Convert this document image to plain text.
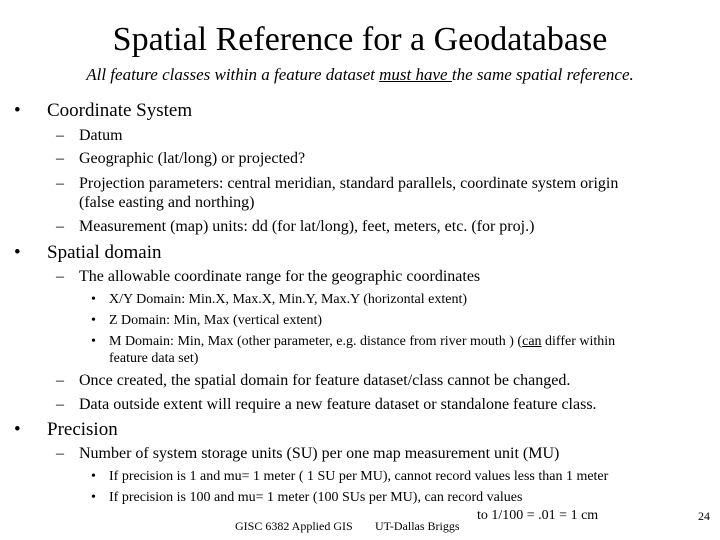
Spatial Reference for a Geodatabase
All feature classes within a feature dataset must have the same spatial reference.
• Coordinate System
– Datum
– Geographic (lat/long) or projected?
– Projection parameters: central meridian, standard parallels, coordinate system origin
(false easting and northing)
– Measurement (map) units: dd (for lat/long), feet, meters, etc. (for proj.)
• Spatial domain
– The allowable coordinate range for the geographic coordinates
• X/Y Domain: Min.X, Max.X, Min.Y, Max.Y (horizontal extent)
• Z Domain: Min, Max (vertical extent)
• M Domain: Min, Max (other parameter, e.g. distance from river mouth ) (can differ within
feature data set)
– Once created, the spatial domain for feature dataset/class cannot be changed.
– Data outside extent will require a new feature dataset or standalone feature class.
• Precision
– Number of system storage units (SU) per one map measurement unit (MU)
• If precision is 1 and mu= 1 meter ( 1 SU per MU), cannot record values less than 1 meter
• If precision is 100 and mu= 1 meter (100 SUs per MU), can record values
to 1/100 = .01 = 1 cm
GISC 6382 Applied GIS UT-Dallas Briggs
24
